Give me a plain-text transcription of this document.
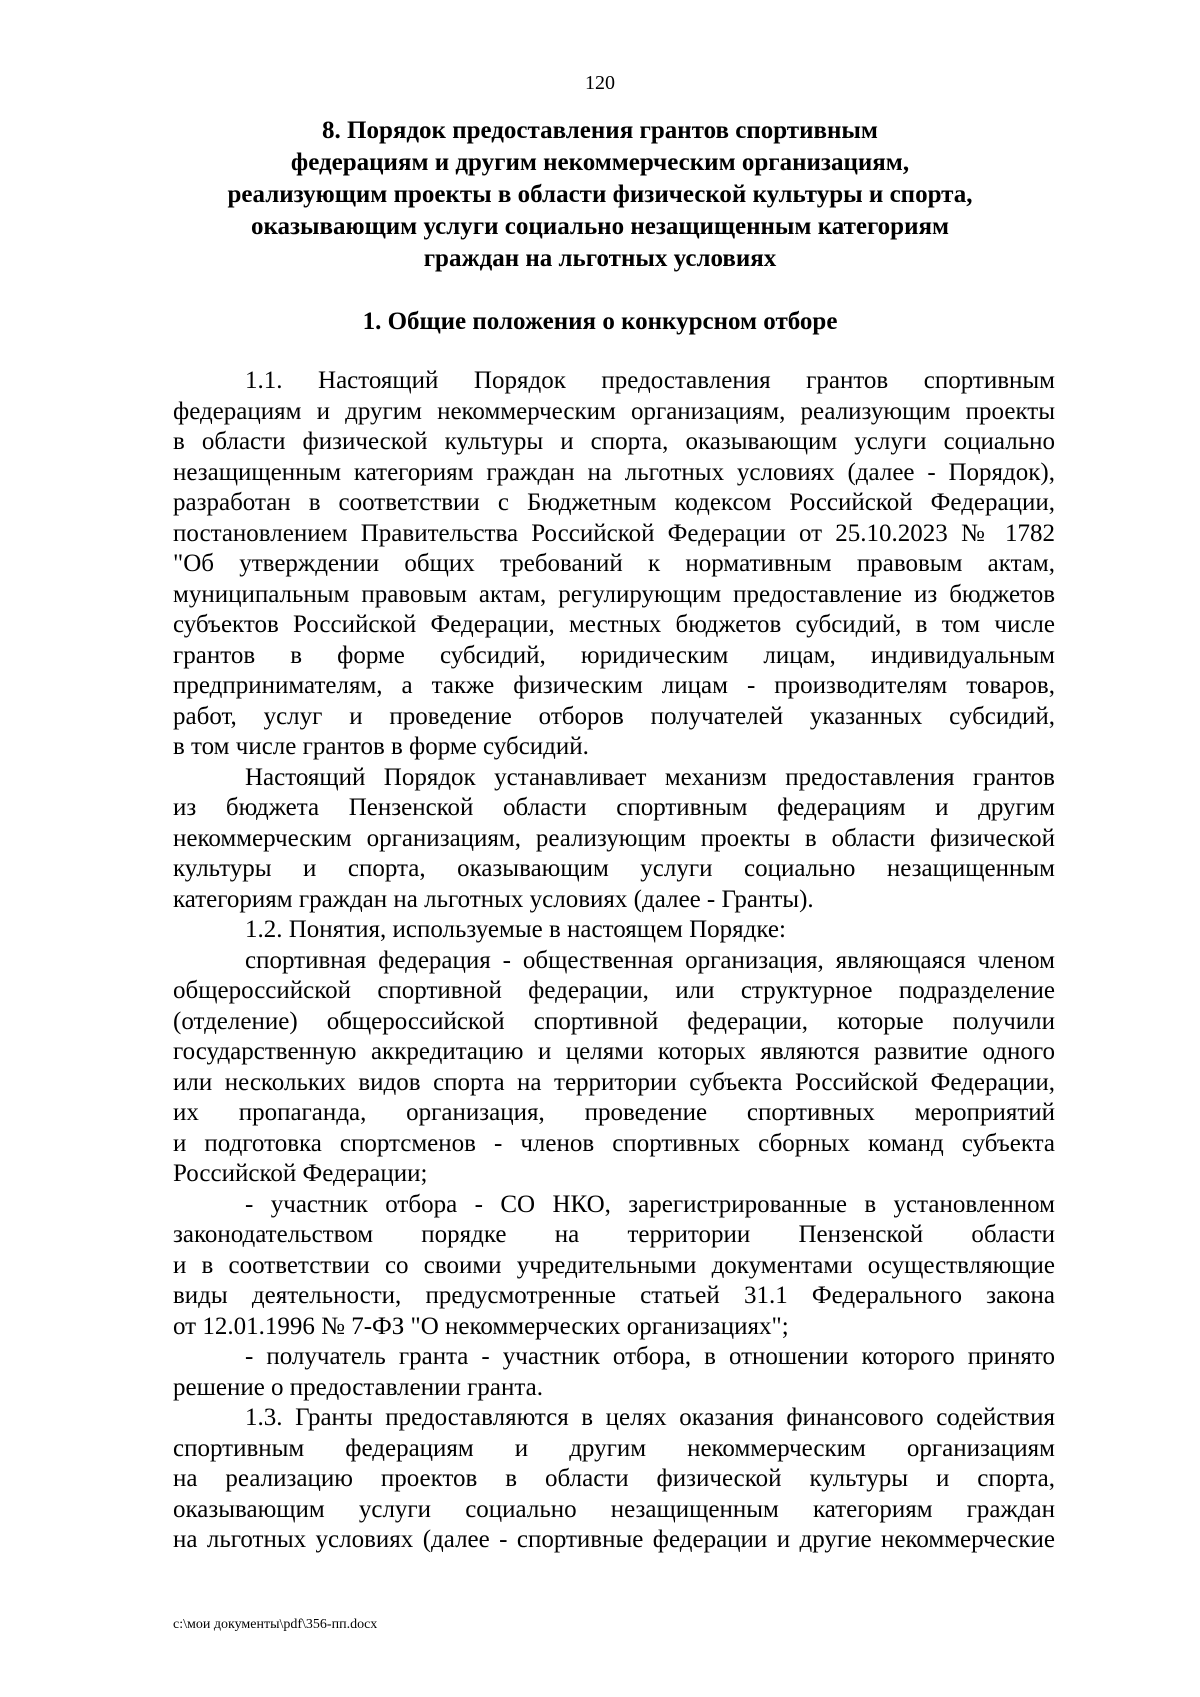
120
8. Порядок предоставления грантов спортивным
федерациям и другим некоммерческим организациям,
реализующим проекты в области физической культуры и спорта,
оказывающим услуги социально незащищенным категориям
граждан на льготных условиях
1. Общие положения о конкурсном отборе
1.1. Настоящий Порядок предоставления грантов спортивным
федерациям и другим некоммерческим организациям, реализующим проекты
в области физической культуры и спорта, оказывающим услуги социально
незащищенным категориям граждан на льготных условиях (далее - Порядок),
разработан в соответствии с Бюджетным кодексом Российской Федерации,
постановлением Правительства Российской Федерации от 25.10.2023 № 1782
"Об утверждении общих требований к нормативным правовым актам,
муниципальным правовым актам, регулирующим предоставление из бюджетов
субъектов Российской Федерации, местных бюджетов субсидий, в том числе
грантов в форме субсидий, юридическим лицам, индивидуальным
предпринимателям, а также физическим лицам - производителям товаров,
работ, услуг и проведение отборов получателей указанных субсидий,
в том числе грантов в форме субсидий.
Настоящий Порядок устанавливает механизм предоставления грантов
из бюджета Пензенской области спортивным федерациям и другим
некоммерческим организациям, реализующим проекты в области физической
культуры и спорта, оказывающим услуги социально незащищенным
категориям граждан на льготных условиях (далее - Гранты).
1.2. Понятия, используемые в настоящем Порядке:
спортивная федерация - общественная организация, являющаяся членом
общероссийской спортивной федерации, или структурное подразделение
(отделение) общероссийской спортивной федерации, которые получили
государственную аккредитацию и целями которых являются развитие одного
или нескольких видов спорта на территории субъекта Российской Федерации,
их пропаганда, организация, проведение спортивных мероприятий
и подготовка спортсменов - членов спортивных сборных команд субъекта
Российской Федерации;
- участник отбора - СО НКО, зарегистрированные в установленном
законодательством порядке на территории Пензенской области
и в соответствии со своими учредительными документами осуществляющие
виды деятельности, предусмотренные статьей 31.1 Федерального закона
от 12.01.1996 № 7-ФЗ "О некоммерческих организациях";
- получатель гранта - участник отбора, в отношении которого принято
решение о предоставлении гранта.
1.3. Гранты предоставляются в целях оказания финансового содействия
спортивным федерациям и другим некоммерческим организациям
на реализацию проектов в области физической культуры и спорта,
оказывающим услуги социально незащищенным категориям граждан
на льготных условиях (далее - спортивные федерации и другие некоммерческие
c:\мои документы\pdf\356-пп.docx
